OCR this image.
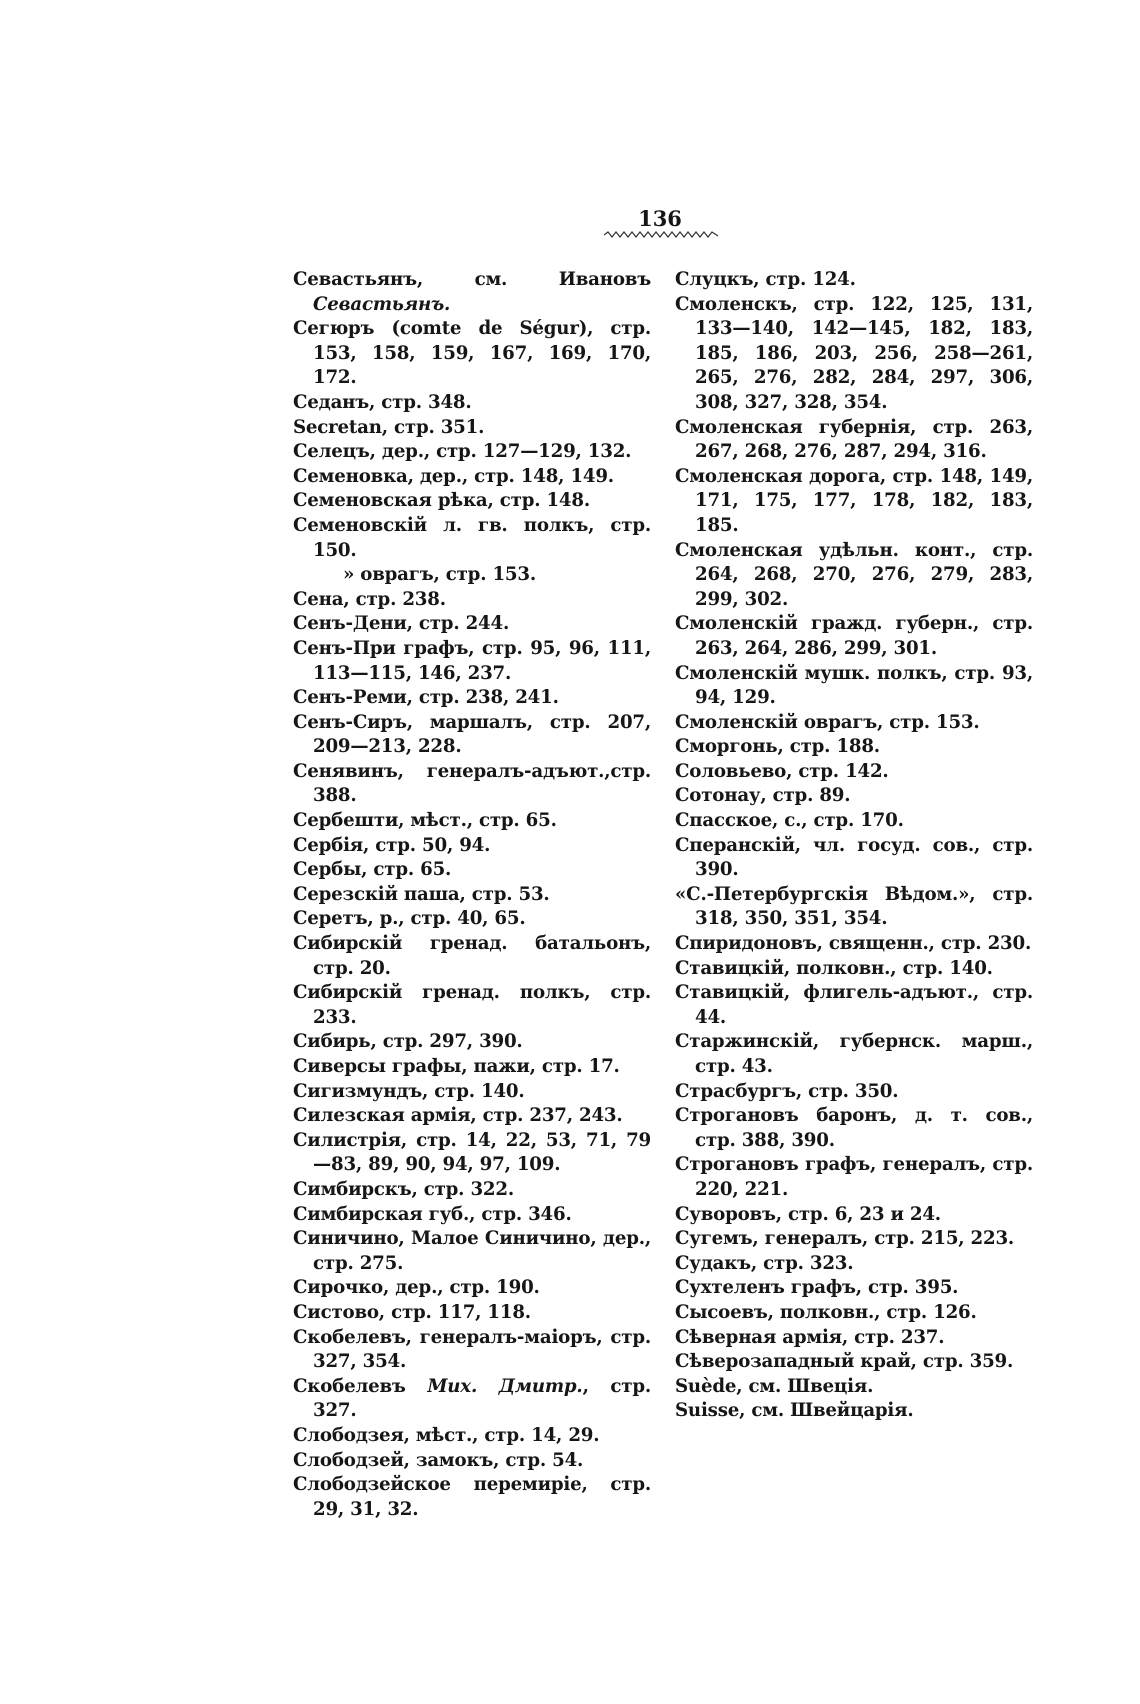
136
Севастьянъ, см. Ивановъ Севастьянъ.
Сегюръ (comte de Ségur), стр. 153, 158, 159, 167, 169, 170, 172.
Седанъ, стр. 348.
Secretan, стр. 351.
Селецъ, дер., стр. 127—129, 132.
Семеновка, дер., стр. 148, 149.
Семеновская рѣка, стр. 148.
Семеновскій л. гв. полкъ, стр. 150.
» оврагъ, стр. 153.
Сена, стр. 238.
Сенъ-Дени, стр. 244.
Сенъ-При графъ, стр. 95, 96, 111, 113—115, 146, 237.
Сенъ-Реми, стр. 238, 241.
Сенъ-Сиръ, маршалъ, стр. 207, 209—213, 228.
Сенявинъ, генералъ-адъют.,стр. 388.
Сербешти, мѣст., стр. 65.
Сербія, стр. 50, 94.
Сербы, стр. 65.
Серезскій паша, стр. 53.
Серетъ, р., стр. 40, 65.
Сибирскій гренад. батальонъ, стр. 20.
Сибирскій гренад. полкъ, стр. 233.
Сибирь, стр. 297, 390.
Сиверсы графы, пажи, стр. 17.
Сигизмундъ, стр. 140.
Силезская армія, стр. 237, 243.
Силистрія, стр. 14, 22, 53, 71, 79—83, 89, 90, 94, 97, 109.
Симбирскъ, стр. 322.
Симбирская губ., стр. 346.
Синичино, Малое Синичино, дер., стр. 275.
Сирочко, дер., стр. 190.
Систово, стр. 117, 118.
Скобелевъ, генералъ-маіоръ, стр. 327, 354.
Скобелевъ Мих. Дмитр., стр. 327.
Слободзея, мѣст., стр. 14, 29.
Слободзей, замокъ, стр. 54.
Слободзейское перемиріе, стр. 29, 31, 32.
Слуцкъ, стр. 124.
Смоленскъ, стр. 122, 125, 131, 133—140, 142—145, 182, 183, 185, 186, 203, 256, 258—261, 265, 276, 282, 284, 297, 306, 308, 327, 328, 354.
Смоленская губернія, стр. 263, 267, 268, 276, 287, 294, 316.
Смоленская дорога, стр. 148, 149, 171, 175, 177, 178, 182, 183, 185.
Смоленская удѣльн. конт., стр. 264, 268, 270, 276, 279, 283, 299, 302.
Смоленскій гражд. губерн., стр. 263, 264, 286, 299, 301.
Смоленскій мушк. полкъ, стр. 93, 94, 129.
Смоленскій оврагъ, стр. 153.
Сморгонь, стр. 188.
Соловьево, стр. 142.
Сотонау, стр. 89.
Спасское, с., стр. 170.
Сперанскій, чл. госуд. сов., стр. 390.
«С.-Петербургскія Вѣдом.», стр. 318, 350, 351, 354.
Спиридоновъ, священн., стр. 230.
Ставицкій, полковн., стр. 140.
Ставицкій, флигель-адъют., стр. 44.
Старжинскій, губернск. марш., стр. 43.
Страсбургъ, стр. 350.
Строгановъ баронъ, д. т. сов., стр. 388, 390.
Строгановъ графъ, генералъ, стр. 220, 221.
Суворовъ, стр. 6, 23 и 24.
Сугемъ, генералъ, стр. 215, 223.
Судакъ, стр. 323.
Сухтеленъ графъ, стр. 395.
Сысоевъ, полковн., стр. 126.
Сѣверная армія, стр. 237.
Сѣверозападный край, стр. 359.
Suède, см. Швеція.
Suisse, см. Швейцарія.
